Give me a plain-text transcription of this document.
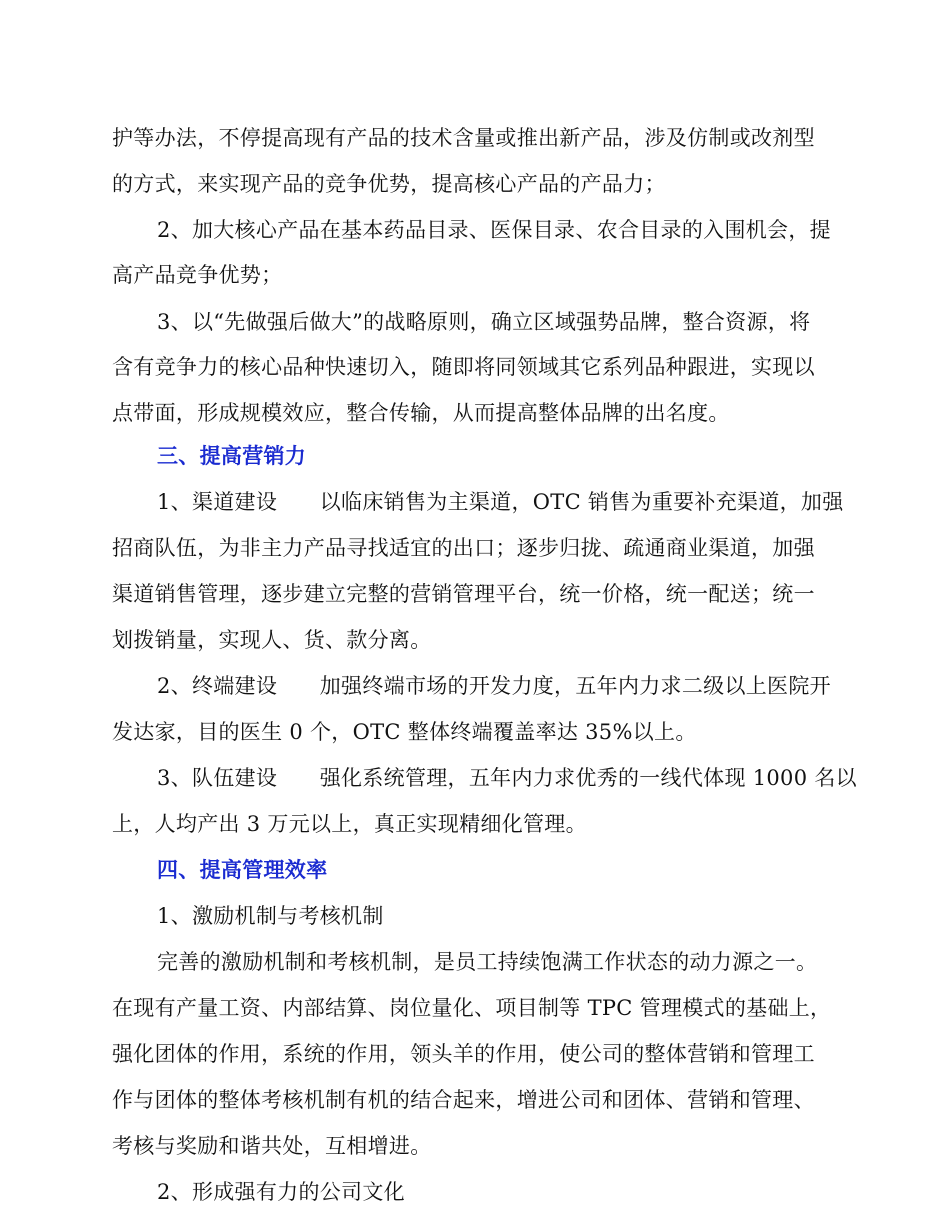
护等办法，不停提高现有产品的技术含量或推出新产品，涉及仿制或改剂型
的方式，来实现产品的竞争优势，提高核心产品的产品力；
2、加大核心产品在基本药品目录、医保目录、农合目录的入围机会，提
高产品竞争优势；
3、以“先做强后做大”的战略原则，确立区域强势品牌，整合资源，将
含有竞争力的核心品种快速切入，随即将同领域其它系列品种跟进，实现以
点带面，形成规模效应，整合传输，从而提高整体品牌的出名度。
三、提高营销力
1、渠道建设　　以临床销售为主渠道，OTC 销售为重要补充渠道，加强
招商队伍，为非主力产品寻找适宜的出口；逐步归拢、疏通商业渠道，加强
渠道销售管理，逐步建立完整的营销管理平台，统一价格，统一配送；统一
划拨销量，实现人、货、款分离。
2、终端建设　　加强终端市场的开发力度，五年内力求二级以上医院开
发达家，目的医生 0 个，OTC 整体终端覆盖率达 35%以上。
3、队伍建设　　强化系统管理，五年内力求优秀的一线代体现 1000 名以
上，人均产出 3 万元以上，真正实现精细化管理。
四、提高管理效率
1、激励机制与考核机制
完善的激励机制和考核机制，是员工持续饱满工作状态的动力源之一。
在现有产量工资、内部结算、岗位量化、项目制等 TPC 管理模式的基础上，
强化团体的作用，系统的作用，领头羊的作用，使公司的整体营销和管理工
作与团体的整体考核机制有机的结合起来，增进公司和团体、营销和管理、
考核与奖励和谐共处，互相增进。
2、形成强有力的公司文化
